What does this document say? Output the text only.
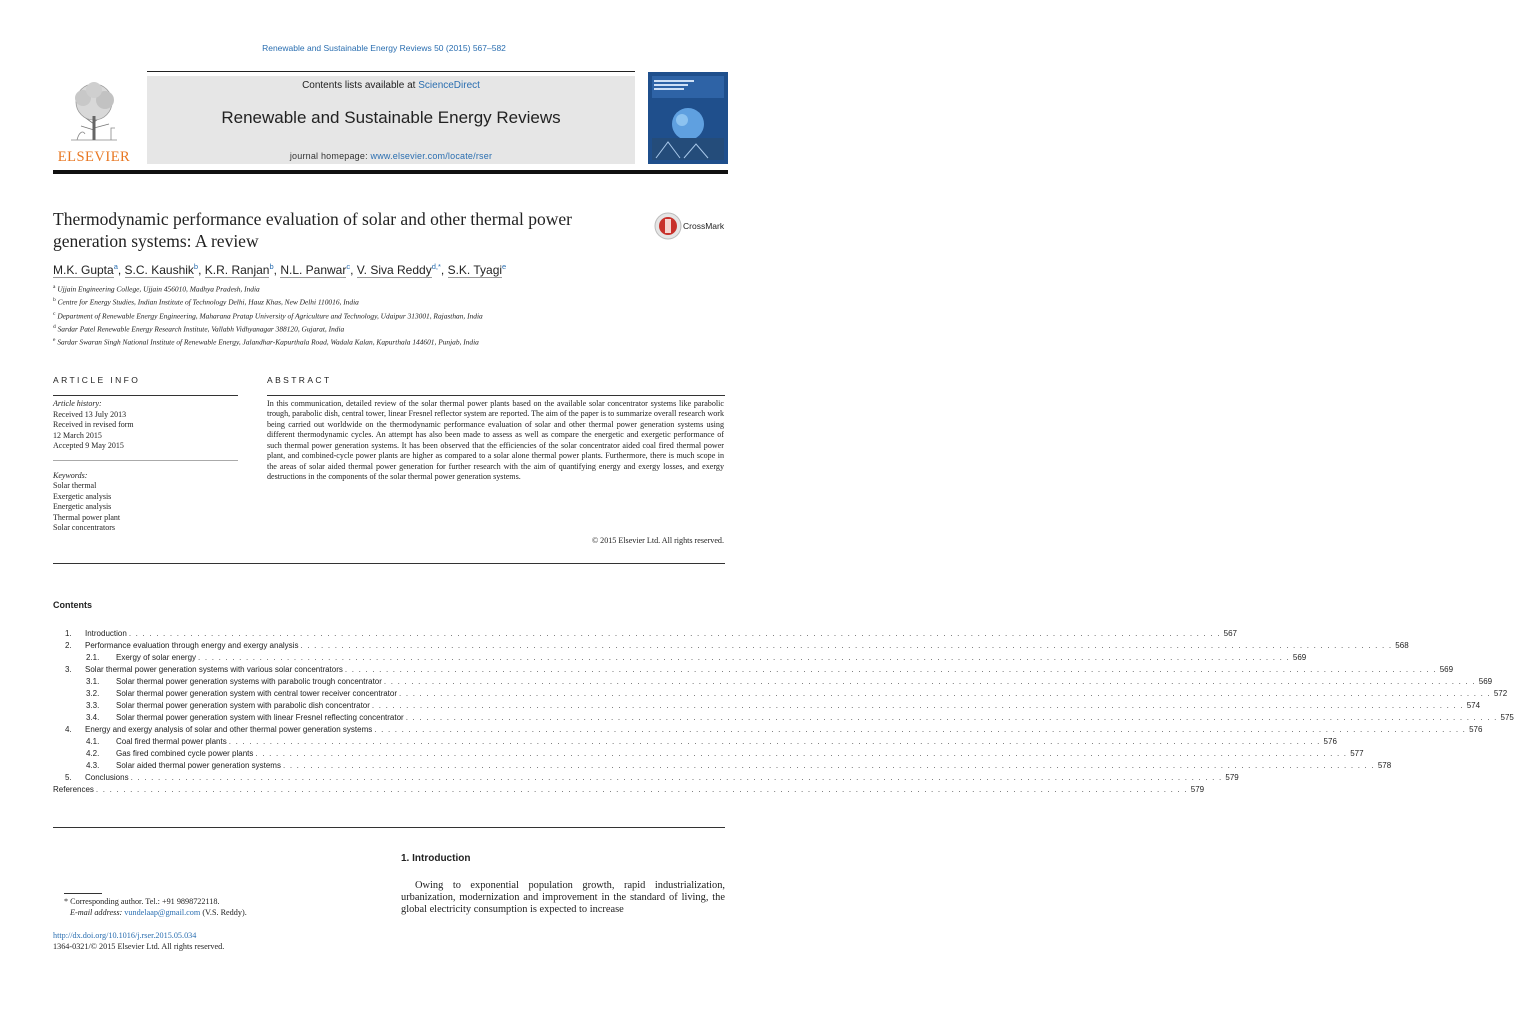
Renewable and Sustainable Energy Reviews 50 (2015) 567–582
ELSEVIER
Contents lists available at ScienceDirect
Renewable and Sustainable Energy Reviews
journal homepage: www.elsevier.com/locate/rser
Thermodynamic performance evaluation of solar and other thermal power generation systems: A review
CrossMark
M.K. Gupta$^a$, S.C. Kaushik$^b$, K.R. Ranjan$^b$, N.L. Panwar$^c$, V. Siva Reddy$^{d,*}$, S.K. Tyagi$^e$
$^a$ Ujjain Engineering College, Ujjain 456010, Madhya Pradesh, India
$^b$ Centre for Energy Studies, Indian Institute of Technology Delhi, Hauz Khas, New Delhi 110016, India
$^c$ Department of Renewable Energy Engineering, Maharana Pratap University of Agriculture and Technology, Udaipur 313001, Rajasthan, India
$^d$ Sardar Patel Renewable Energy Research Institute, Vallabh Vidhyanagar 388120, Gujarat, India
$^e$ Sardar Swaran Singh National Institute of Renewable Energy, Jalandhar-Kapurthala Road, Wadala Kalan, Kapurthala 144601, Punjab, India
ARTICLE INFO	ABSTRACT
Article history:
Received 13 July 2013
Received in revised form
12 March 2015
Accepted 9 May 2015
Keywords:
Solar thermal
Exergetic analysis
Energetic analysis
Thermal power plant
Solar concentrators
In this communication, detailed review of the solar thermal power plants based on the available solar concentrator systems like parabolic trough, parabolic dish, central tower, linear Fresnel reflector system are reported. The aim of the paper is to summarize overall research work being carried out worldwide on the thermodynamic performance evaluation of solar and other thermal power generation systems using different thermodynamic cycles. An attempt has also been made to assess as well as compare the energetic and exergetic performance of such thermal power generation systems. It has been observed that the efficiencies of the solar concentrator aided coal fired thermal power plant, and combined-cycle power plants are higher as compared to a solar alone thermal power plants. Furthermore, there is much scope in the areas of solar aided thermal power generation for further research with the aim of quantifying energy and exergy losses, and exergy destructions in the components of the solar thermal power generation systems.
© 2015 Elsevier Ltd. All rights reserved.
Contents
1.	Introduction . . . . . . . . . . . . . . . . . . . . . . . . . . . . . . . . . . . . . . . . . . . . . . . . . . . . . . . . . . . . . . . . . . . . . . . . . . . . . . . . . . . . . . . . . . . . . . . . . . . . . . . . . . . . . . . . . . . . . . . . . . . . . . . . . . . . . . . . . . . . . . . . . . . . . . . . . . . . . . . . 567
2.	Performance evaluation through energy and exergy analysis . . . . . . . . . . . . . . . . . . . . . . . . . . . . . . . . . . . . . . . . . . . . . . . . . . . . . . . . . . . . . . . . . . . . . . . . . . . . . . . . . . . . . . . . . . . . . . . . . . . . . . . . . . . . . . . . . . . . . . . . . . . . . . . . . . . . . . . . . . . . . . . . . . . . . . . . . . . . . . . . 568
2.1.	Exergy of solar energy . . . . . . . . . . . . . . . . . . . . . . . . . . . . . . . . . . . . . . . . . . . . . . . . . . . . . . . . . . . . . . . . . . . . . . . . . . . . . . . . . . . . . . . . . . . . . . . . . . . . . . . . . . . . . . . . . . . . . . . . . . . . . . . . . . . . . . . . . . . . . . . . . . . . . . . . . . . . . . . . 569
3.	Solar thermal power generation systems with various solar concentrators . . . . . . . . . . . . . . . . . . . . . . . . . . . . . . . . . . . . . . . . . . . . . . . . . . . . . . . . . . . . . . . . . . . . . . . . . . . . . . . . . . . . . . . . . . . . . . . . . . . . . . . . . . . . . . . . . . . . . . . . . . . . . . . . . . . . . . . . . . . . . . . . . . . . . . . . . . . . . . . . 569
3.1.	Solar thermal power generation systems with parabolic trough concentrator . . . . . . . . . . . . . . . . . . . . . . . . . . . . . . . . . . . . . . . . . . . . . . . . . . . . . . . . . . . . . . . . . . . . . . . . . . . . . . . . . . . . . . . . . . . . . . . . . . . . . . . . . . . . . . . . . . . . . . . . . . . . . . . . . . . . . . . . . . . . . . . . . . . . . . . . . . . . . . . . 569
3.2.	Solar thermal power generation system with central tower receiver concentrator . . . . . . . . . . . . . . . . . . . . . . . . . . . . . . . . . . . . . . . . . . . . . . . . . . . . . . . . . . . . . . . . . . . . . . . . . . . . . . . . . . . . . . . . . . . . . . . . . . . . . . . . . . . . . . . . . . . . . . . . . . . . . . . . . . . . . . . . . . . . . . . . . . . . . . . . . . . . . . . . 572
3.3.	Solar thermal power generation system with parabolic dish concentrator . . . . . . . . . . . . . . . . . . . . . . . . . . . . . . . . . . . . . . . . . . . . . . . . . . . . . . . . . . . . . . . . . . . . . . . . . . . . . . . . . . . . . . . . . . . . . . . . . . . . . . . . . . . . . . . . . . . . . . . . . . . . . . . . . . . . . . . . . . . . . . . . . . . . . . . . . . . . . . . . 574
3.4.	Solar thermal power generation system with linear Fresnel reflecting concentrator . . . . . . . . . . . . . . . . . . . . . . . . . . . . . . . . . . . . . . . . . . . . . . . . . . . . . . . . . . . . . . . . . . . . . . . . . . . . . . . . . . . . . . . . . . . . . . . . . . . . . . . . . . . . . . . . . . . . . . . . . . . . . . . . . . . . . . . . . . . . . . . . . . . . . . . . . . . . . . . . 575
4.	Energy and exergy analysis of solar and other thermal power generation systems . . . . . . . . . . . . . . . . . . . . . . . . . . . . . . . . . . . . . . . . . . . . . . . . . . . . . . . . . . . . . . . . . . . . . . . . . . . . . . . . . . . . . . . . . . . . . . . . . . . . . . . . . . . . . . . . . . . . . . . . . . . . . . . . . . . . . . . . . . . . . . . . . . . . . . . . . . . . . . . . 576
4.1.	Coal fired thermal power plants . . . . . . . . . . . . . . . . . . . . . . . . . . . . . . . . . . . . . . . . . . . . . . . . . . . . . . . . . . . . . . . . . . . . . . . . . . . . . . . . . . . . . . . . . . . . . . . . . . . . . . . . . . . . . . . . . . . . . . . . . . . . . . . . . . . . . . . . . . . . . . . . . . . . . . . . . . . . . . . . 576
4.2.	Gas fired combined cycle power plants . . . . . . . . . . . . . . . . . . . . . . . . . . . . . . . . . . . . . . . . . . . . . . . . . . . . . . . . . . . . . . . . . . . . . . . . . . . . . . . . . . . . . . . . . . . . . . . . . . . . . . . . . . . . . . . . . . . . . . . . . . . . . . . . . . . . . . . . . . . . . . . . . . . . . . . . . . . . . . . . 577
4.3.	Solar aided thermal power generation systems . . . . . . . . . . . . . . . . . . . . . . . . . . . . . . . . . . . . . . . . . . . . . . . . . . . . . . . . . . . . . . . . . . . . . . . . . . . . . . . . . . . . . . . . . . . . . . . . . . . . . . . . . . . . . . . . . . . . . . . . . . . . . . . . . . . . . . . . . . . . . . . . . . . . . . . . . . . . . . . . 578
5.	Conclusions . . . . . . . . . . . . . . . . . . . . . . . . . . . . . . . . . . . . . . . . . . . . . . . . . . . . . . . . . . . . . . . . . . . . . . . . . . . . . . . . . . . . . . . . . . . . . . . . . . . . . . . . . . . . . . . . . . . . . . . . . . . . . . . . . . . . . . . . . . . . . . . . . . . . . . . . . . . . . . . . 579
References . . . . . . . . . . . . . . . . . . . . . . . . . . . . . . . . . . . . . . . . . . . . . . . . . . . . . . . . . . . . . . . . . . . . . . . . . . . . . . . . . . . . . . . . . . . . . . . . . . . . . . . . . . . . . . . . . . . . . . . . . . . . . . . . . . . . . . . . . . . . . . . . . . . . . . . . . . . . . . . . 579
1. Introduction
Owing to exponential population growth, rapid industrialization, urbanization, modernization and improvement in the standard of living, the global electricity consumption is expected to increase
* Corresponding author. Tel.: +91 9898722118.
E-mail address: vundelaap@gmail.com (V.S. Reddy).
http://dx.doi.org/10.1016/j.rser.2015.05.034
1364-0321/© 2015 Elsevier Ltd. All rights reserved.
